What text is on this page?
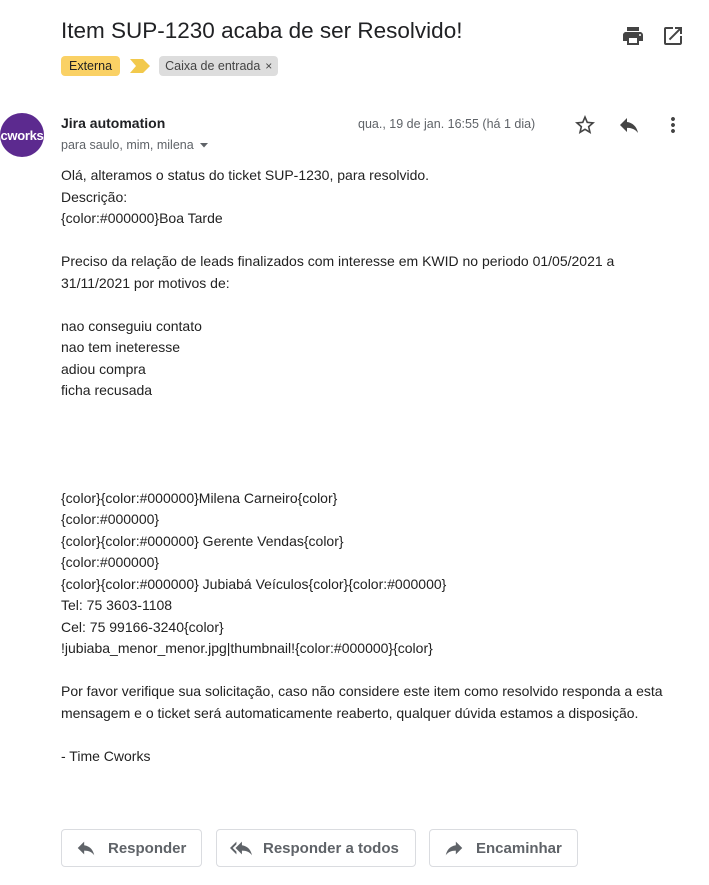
Item SUP-1230 acaba de ser Resolvido!
Externa	Caixa de entrada ×
cworks
Jira automation
para saulo, mim, milena
qua., 19 de jan. 16:55 (há 1 dia)
Olá, alteramos o status do ticket SUP-1230, para resolvido.
Descrição:
{color:#000000}Boa Tarde
Preciso da relação de leads finalizados com interesse em KWID no periodo 01/05/2021 a
31/11/2021 por motivos de:
nao conseguiu contato
nao tem ineteresse
adiou compra
ficha recusada
{color}{color:#000000}Milena Carneiro{color}
{color:#000000}
{color}{color:#000000} Gerente Vendas{color}
{color:#000000}
{color}{color:#000000} Jubiabá Veículos{color}{color:#000000}
Tel: 75 3603-1108
Cel: 75 99166-3240{color}
!jubiaba_menor_menor.jpg|thumbnail!{color:#000000}{color}
Por favor verifique sua solicitação, caso não considere este item como resolvido responda a esta
mensagem e o ticket será automaticamente reaberto, qualquer dúvida estamos a disposição.
- Time Cworks
Responder	Responder a todos	Encaminhar
